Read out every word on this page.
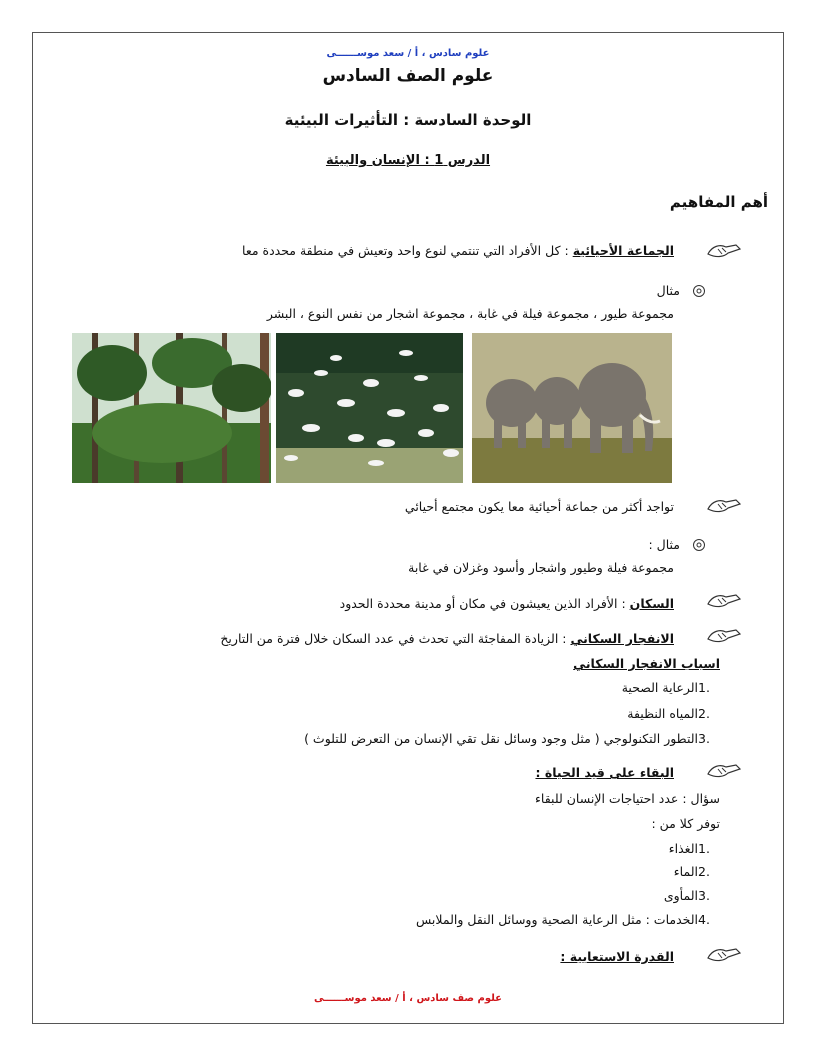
علوم سادس ، أ / سعد موســــــى
علوم الصف السادس
الوحدة السادسة : التأثيرات البيئية
الدرس 1 : الإنسان والبيئة
أهم المفاهيم
الجماعة الأحيائية : كل الأفراد التي تنتمي لنوع واحد وتعيش في منطقة محددة معا
مثال
مجموعة طيور ، مجموعة فيلة في غابة ، مجموعة اشجار من نفس النوع ، البشر
تواجد أكثر من جماعة أحيائية معا يكون مجتمع أحيائي
مثال :
مجموعة فيلة وطيور واشجار وأسود وغزلان في غابة
السكان : الأفراد الذين يعيشون في مكان أو مدينة محددة الحدود
الانفجار السكاني : الزيادة المفاجئة التي تحدث في عدد السكان خلال فترة من التاريخ
اسباب الانفجار السكاني
.1الرعاية الصحية
.2المياه النظيفة
.3التطور التكنولوجي ( مثل وجود وسائل نقل تقي الإنسان من التعرض للتلوث )
البقاء على قيد الحياة :
سؤال : عدد احتياجات الإنسان للبقاء
توفر كلا من :
.1الغذاء
.2الماء
.3المأوى
.4الخدمات : مثل الرعاية الصحية ووسائل النقل والملابس
القدرة الاستعابية :
علوم صف سادس ، أ / سعد موســــــى
